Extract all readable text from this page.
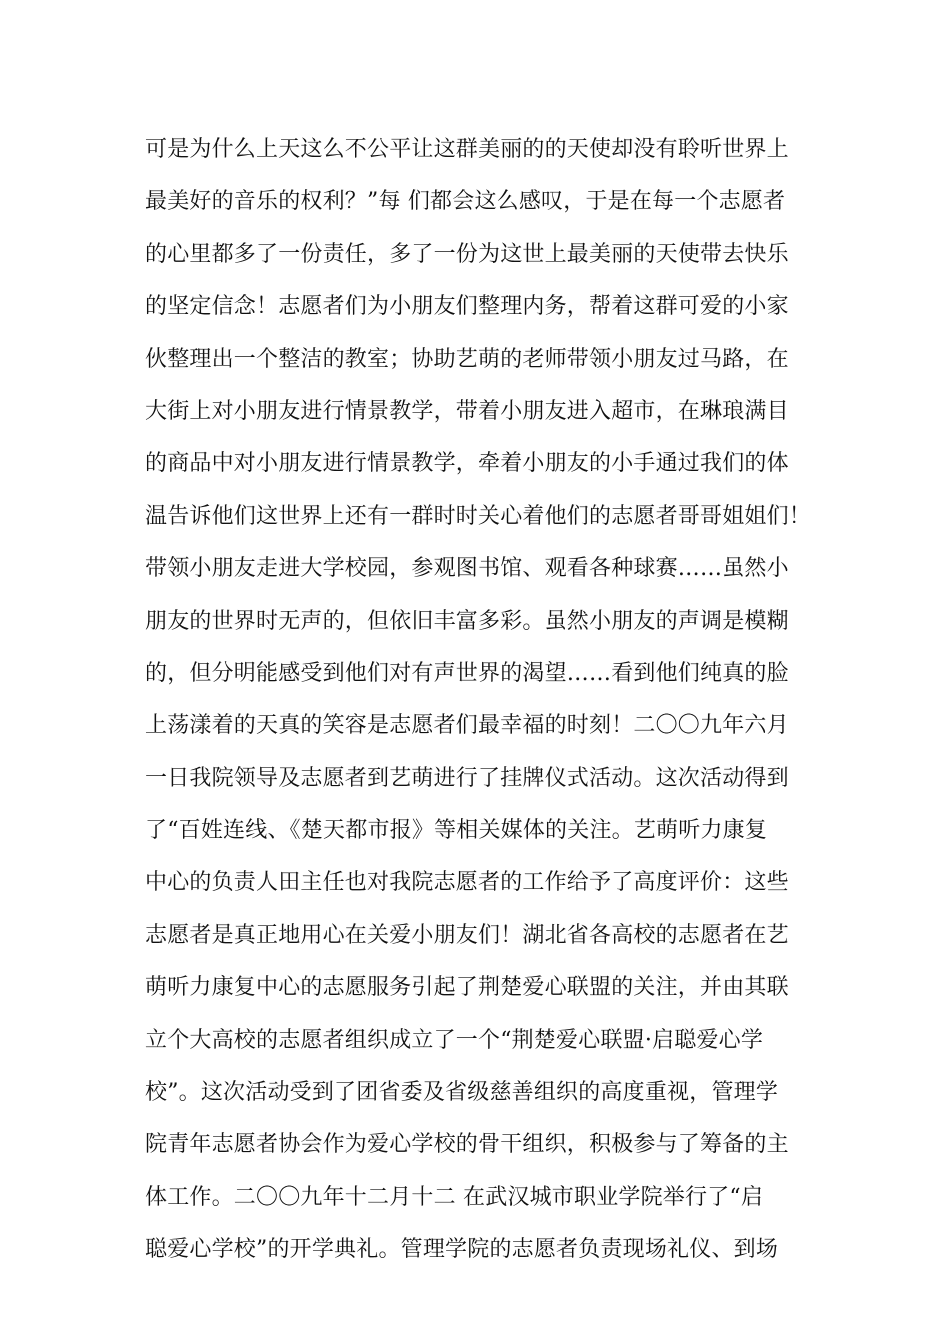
可是为什么上天这么不公平让这群美丽的的天使却没有聆听世界上
最美好的音乐的权利？”每 们都会这么感叹，于是在每一个志愿者
的心里都多了一份责任，多了一份为这世上最美丽的天使带去快乐
的坚定信念！志愿者们为小朋友们整理内务，帮着这群可爱的小家
伙整理出一个整洁的教室；协助艺萌的老师带领小朋友过马路，在
大街上对小朋友进行情景教学，带着小朋友进入超市，在琳琅满目
的商品中对小朋友进行情景教学，牵着小朋友的小手通过我们的体
温告诉他们这世界上还有一群时时关心着他们的志愿者哥哥姐姐们！
带领小朋友走进大学校园，参观图书馆、观看各种球赛……虽然小
朋友的世界时无声的，但依旧丰富多彩。虽然小朋友的声调是模糊
的，但分明能感受到他们对有声世界的渴望……看到他们纯真的脸
上荡漾着的天真的笑容是志愿者们最幸福的时刻！二〇〇九年六月
一日我院领导及志愿者到艺萌进行了挂牌仪式活动。这次活动得到
了“百姓连线、《楚天都市报》等相关媒体的关注。艺萌听力康复
中心的负责人田主任也对我院志愿者的工作给予了高度评价：这些
志愿者是真正地用心在关爱小朋友们！湖北省各高校的志愿者在艺
萌听力康复中心的志愿服务引起了荆楚爱心联盟的关注，并由其联
立个大高校的志愿者组织成立了一个“荆楚爱心联盟·启聪爱心学
校”。这次活动受到了团省委及省级慈善组织的高度重视，管理学
院青年志愿者协会作为爱心学校的骨干组织，积极参与了筹备的主
体工作。二〇〇九年十二月十二 在武汉城市职业学院举行了“启
聪爱心学校”的开学典礼。管理学院的志愿者负责现场礼仪、到场
